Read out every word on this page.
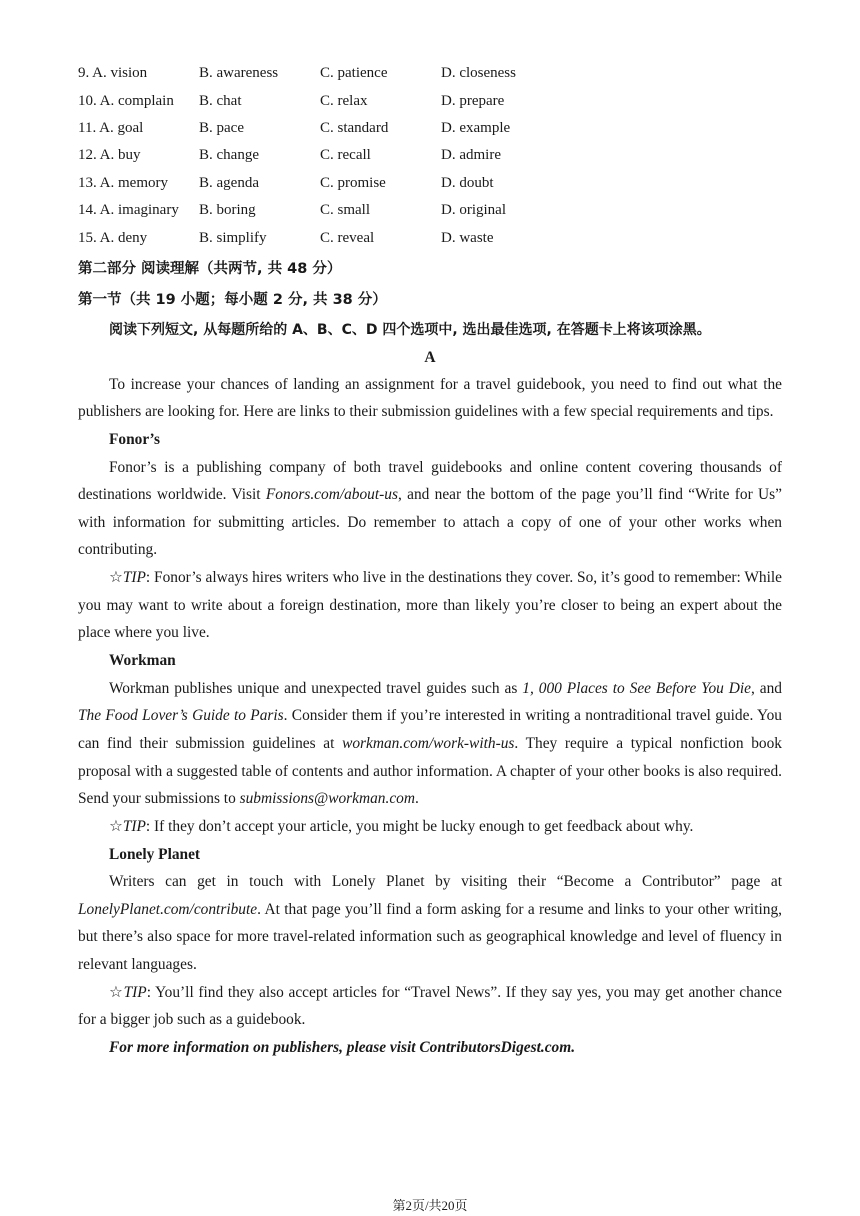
9. A. vision	B. awareness	C. patience	D. closeness
10. A. complain	B. chat	C. relax	D. prepare
11. A. goal	B. pace	C. standard	D. example
12. A. buy	B. change	C. recall	D. admire
13. A. memory	B. agenda	C. promise	D. doubt
14. A. imaginary	B. boring	C. small	D. original
15. A. deny	B. simplify	C. reveal	D. waste
第二部分 阅读理解（共两节, 共 48 分）
第一节（共 19 小题；每小题 2 分, 共 38 分）
阅读下列短文, 从每题所给的 A、B、C、D 四个选项中, 选出最佳选项, 在答题卡上将该项涂黑。
A

To increase your chances of landing an assignment for a travel guidebook, you need to find out what the publishers are looking for. Here are links to their submission guidelines with a few special requirements and tips.

Fonor’s

Fonor’s is a publishing company of both travel guidebooks and online content covering thousands of destinations worldwide. Visit Fonors.com/about-us, and near the bottom of the page you’ll find “Write for Us” with information for submitting articles. Do remember to attach a copy of one of your other works when contributing.

☆TIP: Fonor’s always hires writers who live in the destinations they cover. So, it’s good to remember: While you may want to write about a foreign destination, more than likely you’re closer to being an expert about the place where you live.

Workman

Workman publishes unique and unexpected travel guides such as 1, 000 Places to See Before You Die, and The Food Lover’s Guide to Paris. Consider them if you’re interested in writing a nontraditional travel guide. You can find their submission guidelines at workman.com/work-with-us. They require a typical nonfiction book proposal with a suggested table of contents and author information. A chapter of your other books is also required. Send your submissions to submissions@workman.com.

☆TIP: If they don’t accept your article, you might be lucky enough to get feedback about why.

Lonely Planet

Writers can get in touch with Lonely Planet by visiting their “Become a Contributor” page at LonelyPlanet.com/contribute. At that page you’ll find a form asking for a resume and links to your other writing, but there’s also space for more travel-related information such as geographical knowledge and level of fluency in relevant languages.

☆TIP: You’ll find they also accept articles for “Travel News”. If they say yes, you may get another chance for a bigger job such as a guidebook.

For more information on publishers, please visit ContributorsDigest.com.
第2页/共20页
